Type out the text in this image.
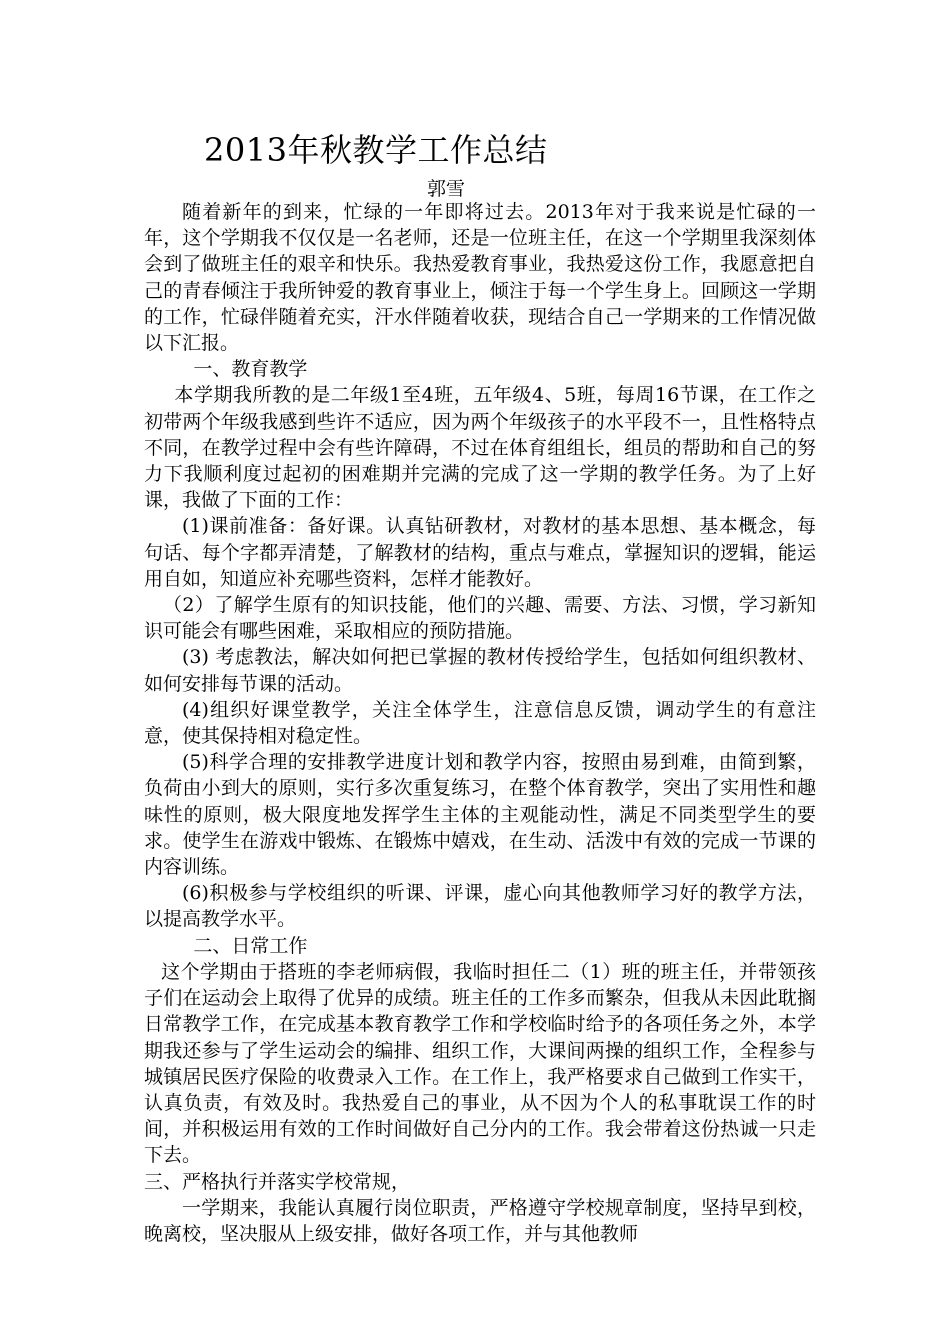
2013年秋教学工作总结
郭雪

随着新年的到来，忙绿的一年即将过去。2013年对于我来说是忙碌的一年，这个学期我不仅仅是一名老师，还是一位班主任，在这一个学期里我深刻体会到了做班主任的艰辛和快乐。我热爱教育事业，我热爱这份工作，我愿意把自己的青春倾注于我所钟爱的教育事业上，倾注于每一个学生身上。回顾这一学期的工作，忙碌伴随着充实，汗水伴随着收获，现结合自己一学期来的工作情况做以下汇报。

一、教育教学

本学期我所教的是二年级1至4班，五年级4、5班，每周16节课，在工作之初带两个年级我感到些许不适应，因为两个年级孩子的水平段不一，且性格特点不同，在教学过程中会有些许障碍，不过在体育组组长，组员的帮助和自己的努力下我顺利度过起初的困难期并完满的完成了这一学期的教学任务。为了上好课，我做了下面的工作：

(1)课前准备：备好课。认真钻研教材，对教材的基本思想、基本概念，每句话、每个字都弄清楚，了解教材的结构，重点与难点，掌握知识的逻辑，能运用自如，知道应补充哪些资料，怎样才能教好。

（2）了解学生原有的知识技能，他们的兴趣、需要、方法、习惯，学习新知识可能会有哪些困难，采取相应的预防措施。

(3) 考虑教法，解决如何把已掌握的教材传授给学生，包括如何组织教材、如何安排每节课的活动。

(4)组织好课堂教学，关注全体学生，注意信息反馈，调动学生的有意注意，使其保持相对稳定性。

(5)科学合理的安排教学进度计划和教学内容，按照由易到难，由简到繁，负荷由小到大的原则，实行多次重复练习，在整个体育教学，突出了实用性和趣味性的原则，极大限度地发挥学生主体的主观能动性，满足不同类型学生的要求。使学生在游戏中锻炼、在锻炼中嬉戏，在生动、活泼中有效的完成一节课的内容训练。

(6)积极参与学校组织的听课、评课，虚心向其他教师学习好的教学方法，以提高教学水平。

二、日常工作

这个学期由于搭班的李老师病假，我临时担任二（1）班的班主任，并带领孩子们在运动会上取得了优异的成绩。班主任的工作多而繁杂，但我从未因此耽搁日常教学工作，在完成基本教育教学工作和学校临时给予的各项任务之外，本学期我还参与了学生运动会的编排、组织工作，大课间两操的组织工作，全程参与城镇居民医疗保险的收费录入工作。在工作上，我严格要求自己做到工作实干，认真负责，有效及时。我热爱自己的事业，从不因为个人的私事耽误工作的时间，并积极运用有效的工作时间做好自己分内的工作。我会带着这份热诚一只走下去。

三、严格执行并落实学校常规，

一学期来，我能认真履行岗位职责，严格遵守学校规章制度，坚持早到校，晚离校，坚决服从上级安排，做好各项工作，并与其他教师
